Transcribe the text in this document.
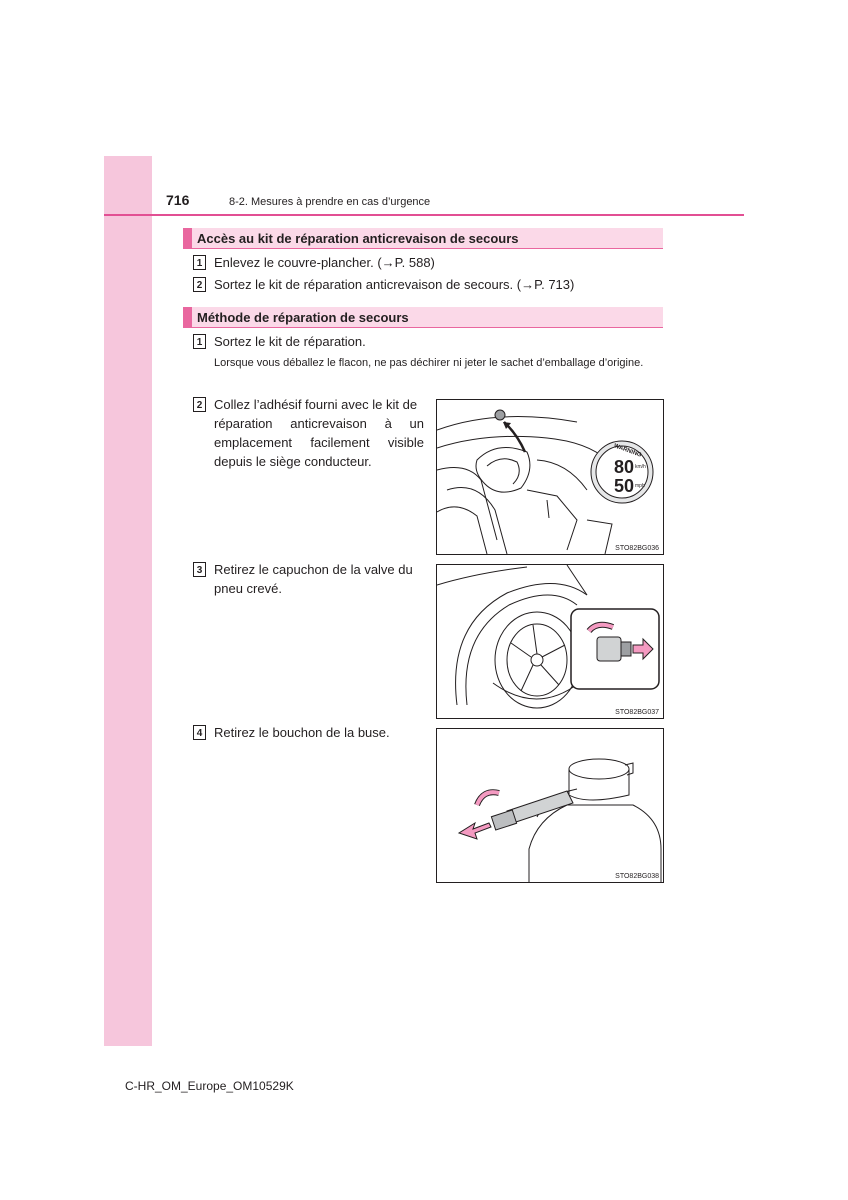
716	8-2. Mesures à prendre en cas d’urgence
Accès au kit de réparation anticrevaison de secours
1 Enlevez le couvre-plancher. (→P. 588)
2 Sortez le kit de réparation anticrevaison de secours. (→P. 713)
Méthode de réparation de secours
1 Sortez le kit de réparation.
Lorsque vous déballez le flacon, ne pas déchirer ni jeter le sachet d’emballage d’origine.
2 Collez l’adhésif fourni avec le kit de
réparation anticrevaison à un
emplacement facilement visible
depuis le siège conducteur.
3 Retirez le capuchon de la valve du
pneu crevé.
4 Retirez le bouchon de la buse.
WARNING
80 km/h
50 mph
STO82BG036
STO82BG037
STO82BG038
C-HR_OM_Europe_OM10529K
